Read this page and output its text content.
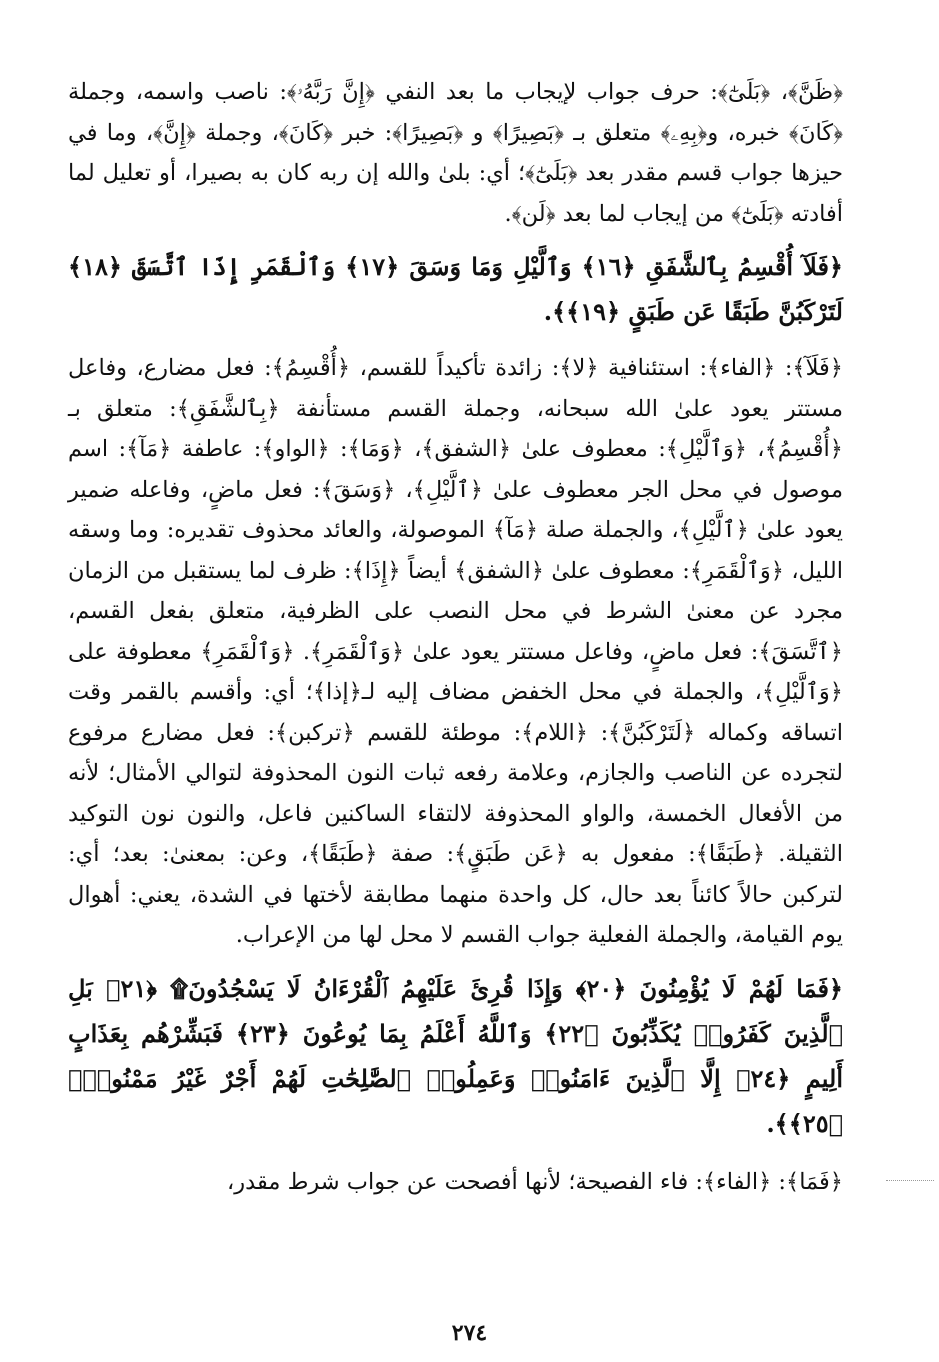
﴿ظَنَّ﴾، ﴿بَلَىٰٓ﴾: حرف جواب لإيجاب ما بعد النفي ﴿إِنَّ رَبَّهُۥ﴾: ناصب واسمه، وجملة ﴿كَانَ﴾ خبره، و﴿بِهِۦ﴾ متعلق بـ ﴿بَصِيرًا﴾ و ﴿بَصِيرًا﴾: خبر ﴿كَانَ﴾، وجملة ﴿إِنَّ﴾، وما في حيزها جواب قسم مقدر بعد ﴿بَلَىٰٓ﴾؛ أي: بلىٰ والله إن ربه كان به بصيرا، أو تعليل لما أفادته ﴿بَلَىٰٓ﴾ من إيجاب لما بعد ﴿لَن﴾.

﴿فَلَآ أُقْسِمُ بِٱلشَّفَقِ ﴿١٦﴾ وَٱلَّيْلِ وَمَا وَسَقَ ﴿١٧﴾ وَٱلْقَمَرِ إِذَا ٱتَّسَقَ ﴿١٨﴾ لَتَرْكَبُنَّ طَبَقًا عَن طَبَقٍ ﴿١٩﴾﴾.

﴿فَلَآ﴾: ﴿الفاء﴾: استئنافية ﴿لا﴾: زائدة تأكيداً للقسم، ﴿أُقْسِمُ﴾: فعل مضارع، وفاعل مستتر يعود علىٰ الله سبحانه، وجملة القسم مستأنفة ﴿بِٱلشَّفَقِ﴾: متعلق بـ ﴿أُقْسِمُ﴾، ﴿وَٱلَّيْلِ﴾: معطوف علىٰ ﴿الشفق﴾، ﴿وَمَا﴾: ﴿الواو﴾: عاطفة ﴿مَآ﴾: اسم موصول في محل الجر معطوف علىٰ ﴿ٱلَّيْلِ﴾، ﴿وَسَقَ﴾: فعل ماضٍ، وفاعله ضمير يعود علىٰ ﴿ٱلَّيْلِ﴾، والجملة صلة ﴿مَآ﴾ الموصولة، والعائد محذوف تقديره: وما وسقه الليل، ﴿وَٱلْقَمَرِ﴾: معطوف علىٰ ﴿الشفق﴾ أيضاً ﴿إِذَا﴾: ظرف لما يستقبل من الزمان مجرد عن معنىٰ الشرط في محل النصب على الظرفية، متعلق بفعل القسم، ﴿ٱتَّسَقَ﴾: فعل ماضٍ، وفاعل مستتر يعود علىٰ ﴿وَٱلْقَمَرِ﴾. ﴿وَٱلْقَمَرِ﴾ معطوفة على ﴿وَٱلَّيْلِ﴾، والجملة في محل الخفض مضاف إليه لـ﴿إذا﴾؛ أي: وأقسم بالقمر وقت اتساقه وكماله ﴿لَتَرْكَبُنَّ﴾: ﴿اللام﴾: موطئة للقسم ﴿تركبن﴾: فعل مضارع مرفوع لتجرده عن الناصب والجازم، وعلامة رفعه ثبات النون المحذوفة لتوالي الأمثال؛ لأنه من الأفعال الخمسة، والواو المحذوفة لالتقاء الساكنين فاعل، والنون نون التوكيد الثقيلة. ﴿طَبَقًا﴾: مفعول به ﴿عَن طَبَقٍ﴾: صفة ﴿طَبَقًا﴾، وعن: بمعنىٰ: بعد؛ أي: لتركبن حالاً كائناً بعد حال، كل واحدة منهما مطابقة لأختها في الشدة، يعني: أهوال يوم القيامة، والجملة الفعلية جواب القسم لا محل لها من الإعراب.

﴿فَمَا لَهُمْ لَا يُؤْمِنُونَ ﴿٢٠﴾ وَإِذَا قُرِئَ عَلَيْهِمُ ٱلْقُرْءَانُ لَا يَسْجُدُونَ۩ ﴿٢١﴾ بَلِ ٱلَّذِينَ كَفَرُوا۟ يُكَذِّبُونَ ﴿٢٢﴾ وَٱللَّهُ أَعْلَمُ بِمَا يُوعُونَ ﴿٢٣﴾ فَبَشِّرْهُم بِعَذَابٍ أَلِيمٍ ﴿٢٤﴾ إِلَّا ٱلَّذِينَ ءَامَنُوا۟ وَعَمِلُوا۟ ٱلصَّٰلِحَٰتِ لَهُمْ أَجْرٌ غَيْرُ مَمْنُونٍۭ ﴿٢٥﴾﴾.

﴿فَمَا﴾: ﴿الفاء﴾: فاء الفصيحة؛ لأنها أفصحت عن جواب شرط مقدر،

٢٧٤
